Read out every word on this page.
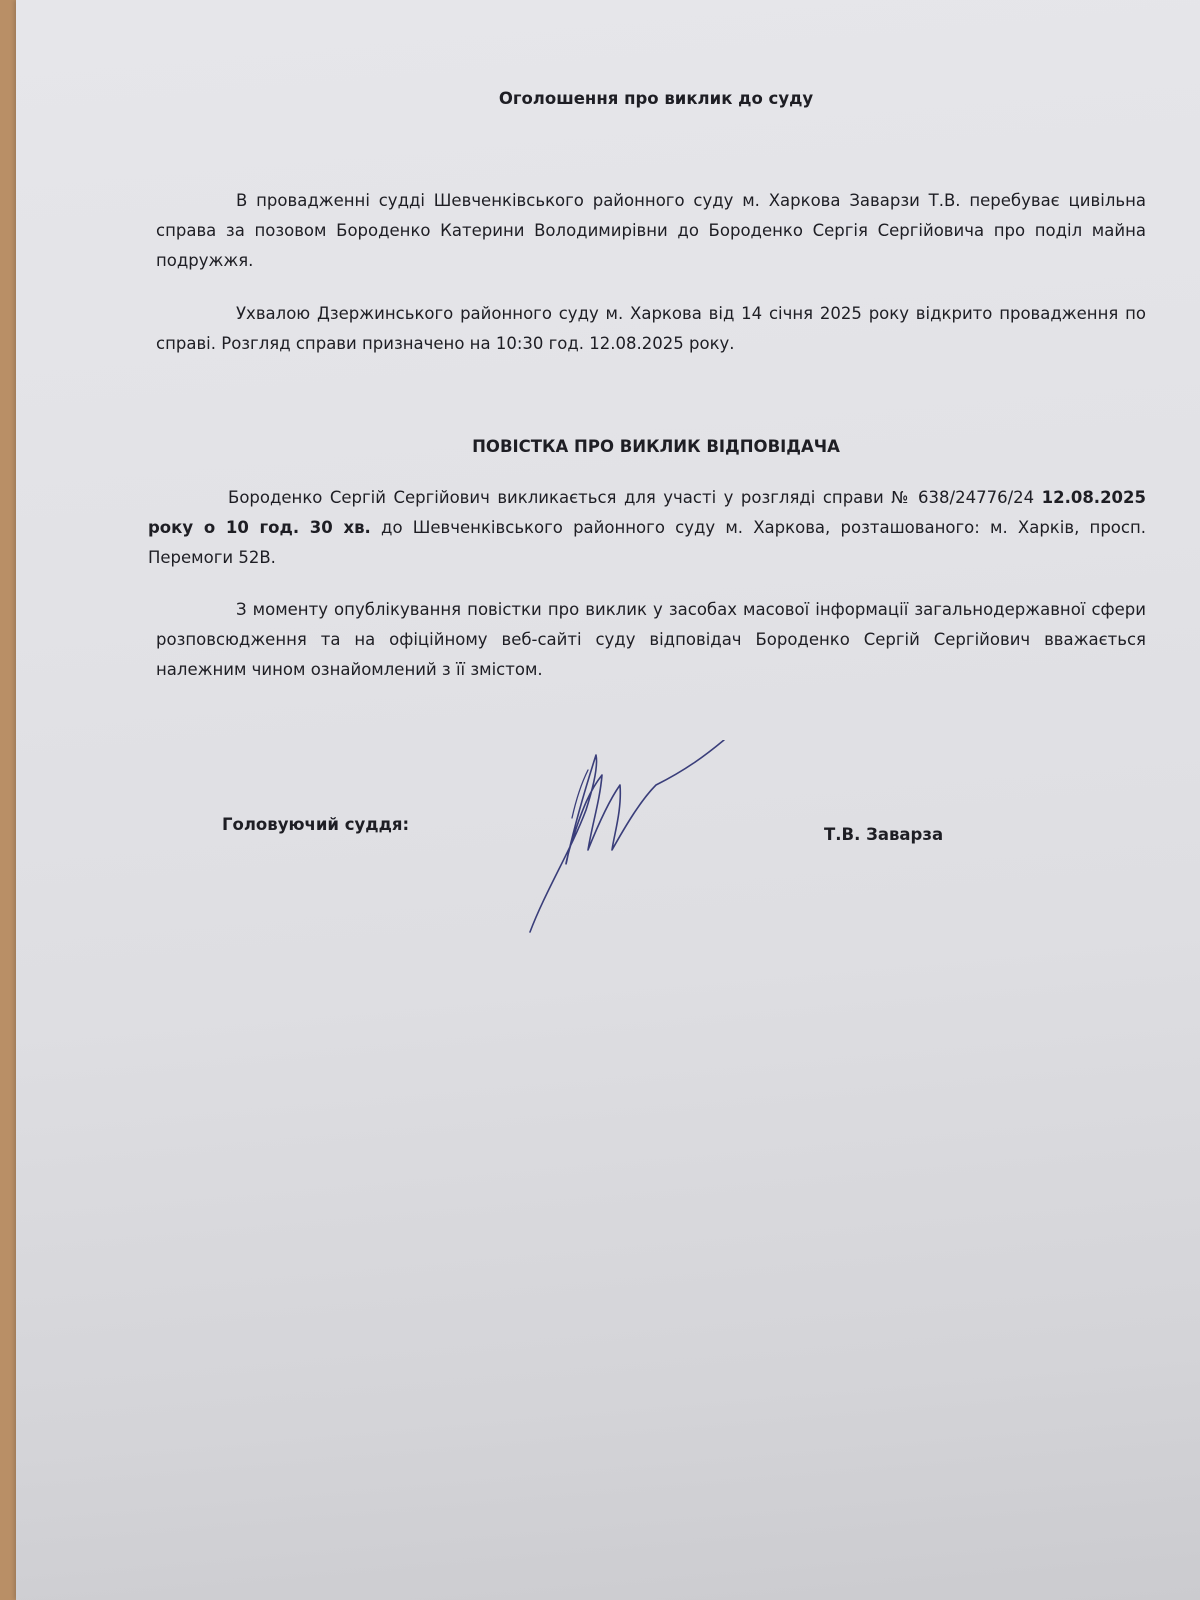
Оголошення про виклик до суду
В провадженні судді Шевченківського районного суду м. Харкова Заварзи Т.В. перебуває цивільна справа за позовом Бороденко Катерини Володимирівни до Бороденко Сергія Сергійовича про поділ майна подружжя.
Ухвалою Дзержинського районного суду м. Харкова від 14 січня 2025 року відкрито провадження по справі. Розгляд справи призначено на 10:30 год. 12.08.2025 року.
ПОВІСТКА ПРО ВИКЛИК ВІДПОВІДАЧА
Бороденко Сергій Сергійович викликається для участі у розгляді справи № 638/24776/24 12.08.2025 року о 10 год. 30 хв. до Шевченківського районного суду м. Харкова, розташованого: м. Харків, просп. Перемоги 52В.
З моменту опублікування повістки про виклик у засобах масової інформації загальнодержавної сфери розповсюдження та на офіційному веб-сайті суду відповідач Бороденко Сергій Сергійович вважається належним чином ознайомлений з її змістом.
Головуючий суддя:
Т.В. Заварза
